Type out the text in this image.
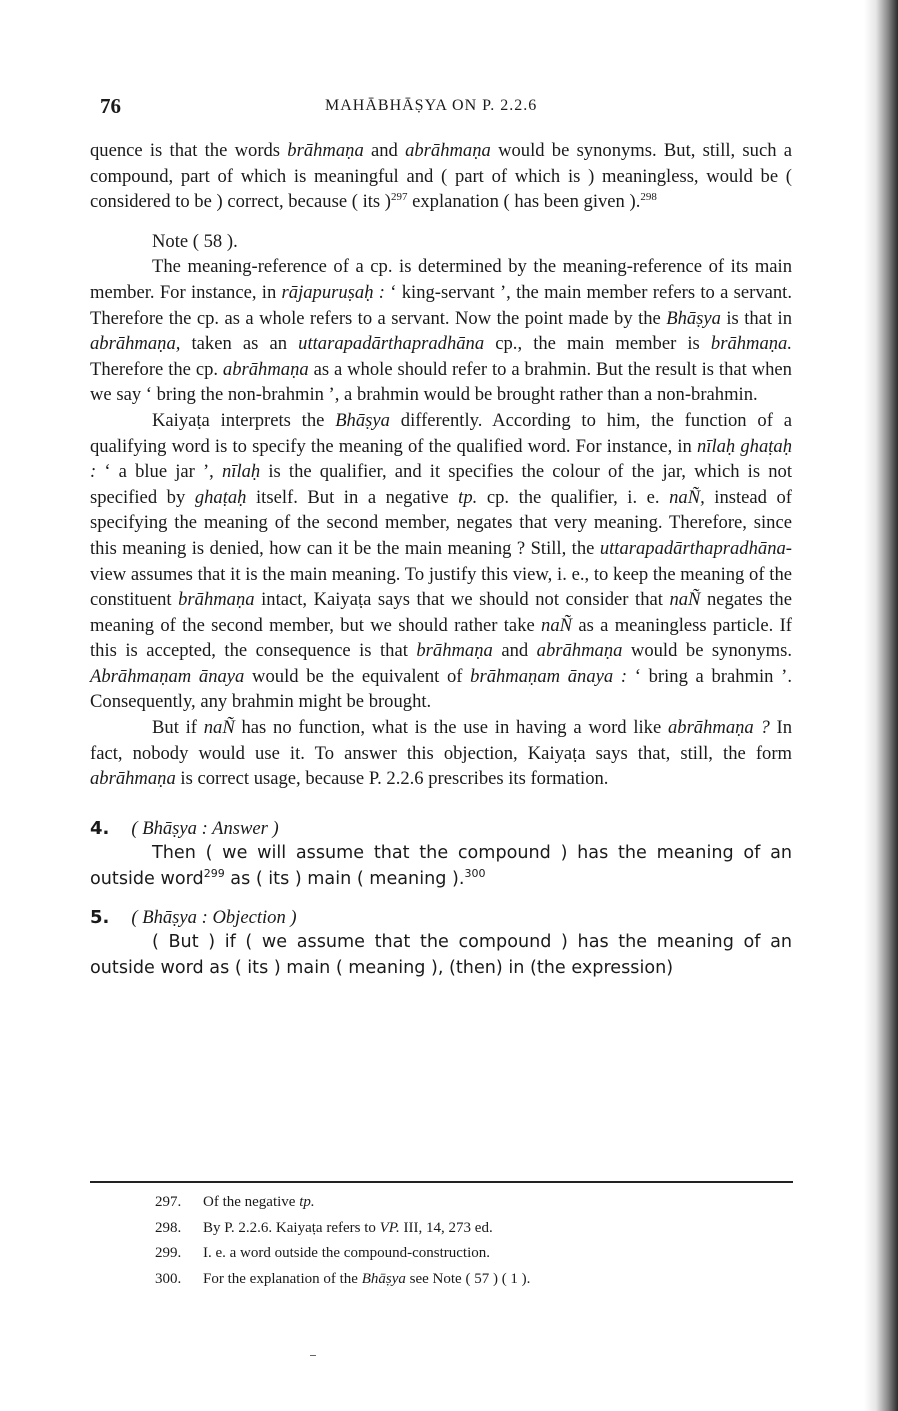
76	MAHĀBHĀṢYA ON P. 2.2.6

quence is that the words brāhmaṇa and abrāhmaṇa would be synonyms. But, still, such a compound, part of which is meaningful and ( part of which is ) meaningless, would be ( considered to be ) correct, because ( its )$^{297}$ explanation ( has been given ).$^{298}$

Note ( 58 ).

The meaning-reference of a cp. is determined by the meaning-reference of its main member. For instance, in rājapuruṣaḥ : ‘ king-servant ’, the main member refers to a servant. Therefore the cp. as a whole refers to a servant. Now the point made by the Bhāṣya is that in abrāhmaṇa, taken as an uttarapadārthapradhāna cp., the main member is brāhmaṇa. Therefore the cp. abrāhmaṇa as a whole should refer to a brahmin. But the result is that when we say ‘ bring the non-brahmin ’, a brahmin would be brought rather than a non-brahmin.

Kaiyaṭa interprets the Bhāṣya differently. According to him, the function of a qualifying word is to specify the meaning of the qualified word. For instance, in nīlaḥ ghaṭaḥ : ‘ a blue jar ’, nīlaḥ is the qualifier, and it specifies the colour of the jar, which is not specified by ghaṭaḥ itself. But in a negative tp. cp. the qualifier, i. e. naÑ, instead of specifying the meaning of the second member, negates that very meaning. Therefore, since this meaning is denied, how can it be the main meaning ? Still, the uttarapadārthapradhāna-view assumes that it is the main meaning. To justify this view, i. e., to keep the meaning of the constituent brāhmaṇa intact, Kaiyaṭa says that we should not consider that naÑ negates the meaning of the second member, but we should rather take naÑ as a meaningless particle. If this is accepted, the consequence is that brāhmaṇa and abrāhmaṇa would be synonyms. Abrāhmaṇam ānaya would be the equivalent of brāhmaṇam ānaya : ‘ bring a brahmin ’. Consequently, any brahmin might be brought.

But if naÑ has no function, what is the use in having a word like abrāhmaṇa ? In fact, nobody would use it. To answer this objection, Kaiyaṭa says that, still, the form abrāhmaṇa is correct usage, because P. 2.2.6 prescribes its formation.

4. ( Bhāṣya : Answer )

Then ( we will assume that the compound ) has the meaning of an outside word$^{299}$ as ( its ) main ( meaning ).$^{300}$

5. ( Bhāṣya : Objection )

( But ) if ( we assume that the compound ) has the meaning of an outside word as ( its ) main ( meaning ), (then) in (the expression)

297. Of the negative tp.
298. By P. 2.2.6. Kaiyaṭa refers to VP. III, 14, 273 ed.
299. I. e. a word outside the compound-construction.
300. For the explanation of the Bhāṣya see Note ( 57 ) ( 1 ).
